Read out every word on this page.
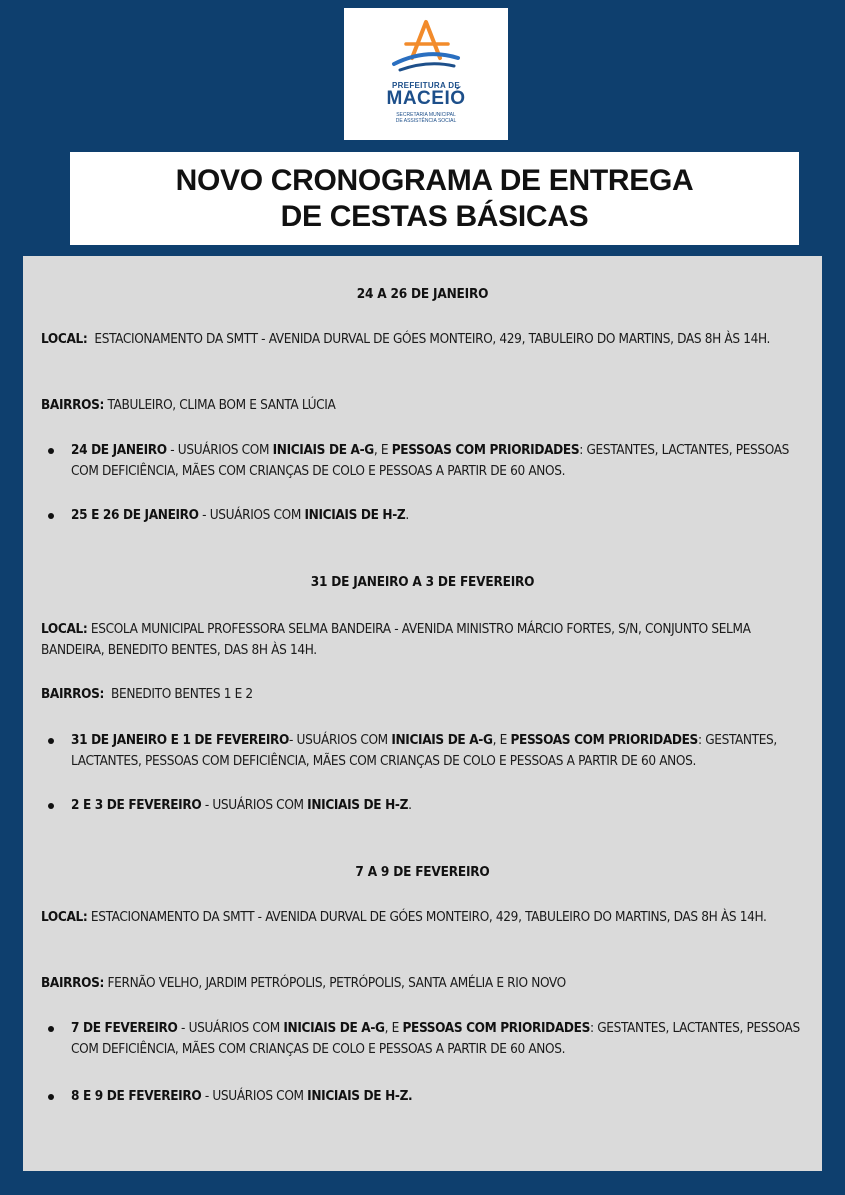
PREFEITURA DE
MACEIÓ
SECRETARIA MUNICIPAL
DE ASSISTÊNCIA SOCIAL
NOVO CRONOGRAMA DE ENTREGA
DE CESTAS BÁSICAS
24 A 26 DE JANEIRO
LOCAL: ESTACIONAMENTO DA SMTT - AVENIDA DURVAL DE GÓES MONTEIRO, 429, TABULEIRO DO MARTINS, DAS 8H ÀS 14H.
BAIRROS: TABULEIRO, CLIMA BOM E SANTA LÚCIA
24 DE JANEIRO - USUÁRIOS COM INICIAIS DE A-G, E PESSOAS COM PRIORIDADES: GESTANTES, LACTANTES, PESSOAS COM DEFICIÊNCIA, MÃES COM CRIANÇAS DE COLO E PESSOAS A PARTIR DE 60 ANOS.
25 E 26 DE JANEIRO - USUÁRIOS COM INICIAIS DE H-Z.
31 DE JANEIRO A 3 DE FEVEREIRO
LOCAL: ESCOLA MUNICIPAL PROFESSORA SELMA BANDEIRA - AVENIDA MINISTRO MÁRCIO FORTES, S/N, CONJUNTO SELMA BANDEIRA, BENEDITO BENTES, DAS 8H ÀS 14H.
BAIRROS: BENEDITO BENTES 1 E 2
31 DE JANEIRO E 1 DE FEVEREIRO- USUÁRIOS COM INICIAIS DE A-G, E PESSOAS COM PRIORIDADES: GESTANTES, LACTANTES, PESSOAS COM DEFICIÊNCIA, MÃES COM CRIANÇAS DE COLO E PESSOAS A PARTIR DE 60 ANOS.
2 E 3 DE FEVEREIRO - USUÁRIOS COM INICIAIS DE H-Z.
7 A 9 DE FEVEREIRO
LOCAL: ESTACIONAMENTO DA SMTT - AVENIDA DURVAL DE GÓES MONTEIRO, 429, TABULEIRO DO MARTINS, DAS 8H ÀS 14H.
BAIRROS: FERNÃO VELHO, JARDIM PETRÓPOLIS, PETRÓPOLIS, SANTA AMÉLIA E RIO NOVO
7 DE FEVEREIRO - USUÁRIOS COM INICIAIS DE A-G, E PESSOAS COM PRIORIDADES: GESTANTES, LACTANTES, PESSOAS COM DEFICIÊNCIA, MÃES COM CRIANÇAS DE COLO E PESSOAS A PARTIR DE 60 ANOS.
8 E 9 DE FEVEREIRO - USUÁRIOS COM INICIAIS DE H-Z.
